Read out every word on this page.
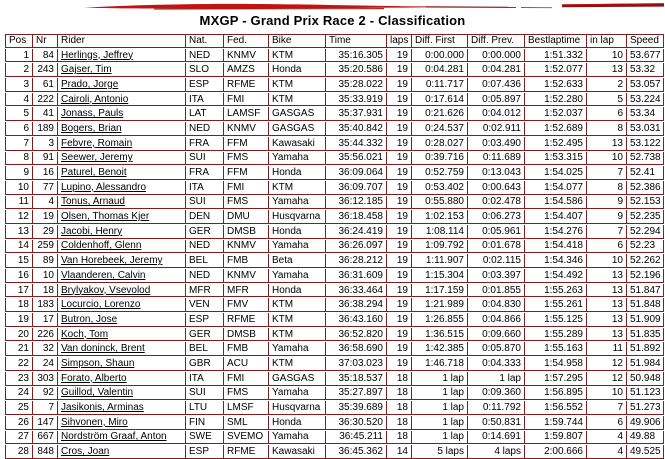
MXGP - Grand Prix Race 2 - Classification
Pos	Nr	Rider	Nat.	Fed.	Bike	Time	laps	Diff. First	Diff. Prev.	Bestlaptime	in lap	Speed
1	84	Herlings, Jeffrey	NED	KNMV	KTM	35:16.305	19	0:00.000	0:00.000	1:51.332	10	53.677
2	243	Gajser, Tim	SLO	AMZS	Honda	35:20.586	19	0:04.281	0:04.281	1:52.077	13	53.32
3	61	Prado, Jorge	ESP	RFME	KTM	35:28.022	19	0:11.717	0:07.436	1:52.633	2	53.057
4	222	Cairoli, Antonio	ITA	FMI	KTM	35:33.919	19	0:17.614	0:05.897	1:52.280	5	53.224
5	41	Jonass, Pauls	LAT	LAMSF	GASGAS	35:37.931	19	0:21.626	0:04.012	1:52.037	6	53.34
6	189	Bogers, Brian	NED	KNMV	GASGAS	35:40.842	19	0:24.537	0:02.911	1:52.689	8	53.031
7	3	Febvre, Romain	FRA	FFM	Kawasaki	35:44.332	19	0:28.027	0:03.490	1:52.495	13	53.122
8	91	Seewer, Jeremy	SUI	FMS	Yamaha	35:56.021	19	0:39.716	0:11.689	1:53.315	10	52.738
9	16	Paturel, Benoit	FRA	FFM	Honda	36:09.064	19	0:52.759	0:13.043	1:54.025	7	52.41
10	77	Lupino, Alessandro	ITA	FMI	KTM	36:09.707	19	0:53.402	0:00.643	1:54.077	8	52.386
11	4	Tonus, Arnaud	SUI	FMS	Yamaha	36:12.185	19	0:55.880	0:02.478	1:54.586	9	52.153
12	19	Olsen, Thomas Kjer	DEN	DMU	Husqvarna	36:18.458	19	1:02.153	0:06.273	1:54.407	9	52.235
13	29	Jacobi, Henry	GER	DMSB	Honda	36:24.419	19	1:08.114	0:05.961	1:54.276	7	52.294
14	259	Coldenhoff, Glenn	NED	KNMV	Yamaha	36:26.097	19	1:09.792	0:01.678	1:54.418	6	52.23
15	89	Van Horebeek, Jeremy	BEL	FMB	Beta	36:28.212	19	1:11.907	0:02.115	1:54.346	10	52.262
16	10	Vlaanderen, Calvin	NED	KNMV	Yamaha	36:31.609	19	1:15.304	0:03.397	1:54.492	13	52.196
17	18	Brylyakov, Vsevolod	MFR	MFR	Honda	36:33.464	19	1:17.159	0:01.855	1:55.263	13	51.847
18	183	Locurcio, Lorenzo	VEN	FMV	KTM	36:38.294	19	1:21.989	0:04.830	1:55.261	13	51.848
19	17	Butron, Jose	ESP	RFME	KTM	36:43.160	19	1:26.855	0:04.866	1:55.125	13	51.909
20	226	Koch, Tom	GER	DMSB	KTM	36:52.820	19	1:36.515	0:09.660	1:55.289	13	51.835
21	32	Van doninck, Brent	BEL	FMB	Yamaha	36:58.690	19	1:42.385	0:05.870	1:55.163	11	51.892
22	24	Simpson, Shaun	GBR	ACU	KTM	37:03.023	19	1:46.718	0:04.333	1:54.958	12	51.984
23	303	Forato, Alberto	ITA	FMI	GASGAS	35:18.537	18	1 lap	1 lap	1:57.295	12	50.948
24	92	Guillod, Valentin	SUI	FMS	Yamaha	35:27.897	18	1 lap	0:09.360	1:56.895	10	51.123
25	7	Jasikonis, Arminas	LTU	LMSF	Husqvarna	35:39.689	18	1 lap	0:11.792	1:56.552	7	51.273
26	147	Sihvonen, Miro	FIN	SML	Honda	36:30.520	18	1 lap	0:50.831	1:59.744	6	49.906
27	667	Nordström Graaf, Anton	SWE	SVEMO	Yamaha	36:45.211	18	1 lap	0:14.691	1:59.807	4	49.88
28	848	Cros, Joan	ESP	RFME	Kawasaki	36:45.362	14	5 laps	4 laps	2:00.666	4	49.525
